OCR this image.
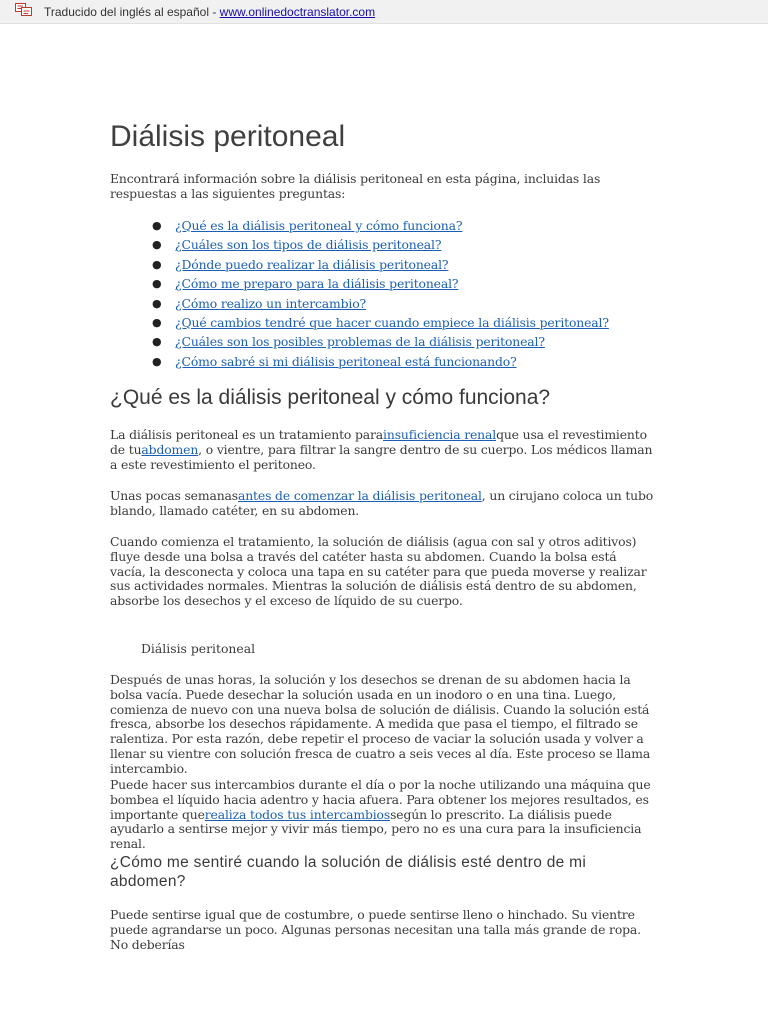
Traducido del inglés al español - www.onlinedoctranslator.com
Diálisis peritoneal

Encontrará información sobre la diálisis peritoneal en esta página, incluidas las respuestas a las siguientes preguntas:

● ¿Qué es la diálisis peritoneal y cómo funciona?
● ¿Cuáles son los tipos de diálisis peritoneal?
● ¿Dónde puedo realizar la diálisis peritoneal?
● ¿Cómo me preparo para la diálisis peritoneal?
● ¿Cómo realizo un intercambio?
● ¿Qué cambios tendré que hacer cuando empiece la diálisis peritoneal?
● ¿Cuáles son los posibles problemas de la diálisis peritoneal?
● ¿Cómo sabré si mi diálisis peritoneal está funcionando?
¿Qué es la diálisis peritoneal y cómo funciona?

La diálisis peritoneal es un tratamiento parainsuficiencia renalque usa el revestimiento de tuabdomen, o vientre, para filtrar la sangre dentro de su cuerpo. Los médicos llaman a este revestimiento el peritoneo.

Unas pocas semanasantes de comenzar la diálisis peritoneal, un cirujano coloca un tubo blando, llamado catéter, en su abdomen.

Cuando comienza el tratamiento, la solución de diálisis (agua con sal y otros aditivos) fluye desde una bolsa a través del catéter hasta su abdomen. Cuando la bolsa está vacía, la desconecta y coloca una tapa en su catéter para que pueda moverse y realizar sus actividades normales. Mientras la solución de diálisis está dentro de su abdomen, absorbe los desechos y el exceso de líquido de su cuerpo.

Diálisis peritoneal

Después de unas horas, la solución y los desechos se drenan de su abdomen hacia la bolsa vacía. Puede desechar la solución usada en un inodoro o en una tina. Luego, comienza de nuevo con una nueva bolsa de solución de diálisis. Cuando la solución está fresca, absorbe los desechos rápidamente. A medida que pasa el tiempo, el filtrado se ralentiza. Por esta razón, debe repetir el proceso de vaciar la solución usada y volver a llenar su vientre con solución fresca de cuatro a seis veces al día. Este proceso se llama intercambio.

Puede hacer sus intercambios durante el día o por la noche utilizando una máquina que bombea el líquido hacia adentro y hacia afuera. Para obtener los mejores resultados, es importante querealiza todos tus intercambiossegún lo prescrito. La diálisis puede ayudarlo a sentirse mejor y vivir más tiempo, pero no es una cura para la insuficiencia renal.

¿Cómo me sentiré cuando la solución de diálisis esté dentro de mi abdomen?

Puede sentirse igual que de costumbre, o puede sentirse lleno o hinchado. Su vientre puede agrandarse un poco. Algunas personas necesitan una talla más grande de ropa. No deberías
